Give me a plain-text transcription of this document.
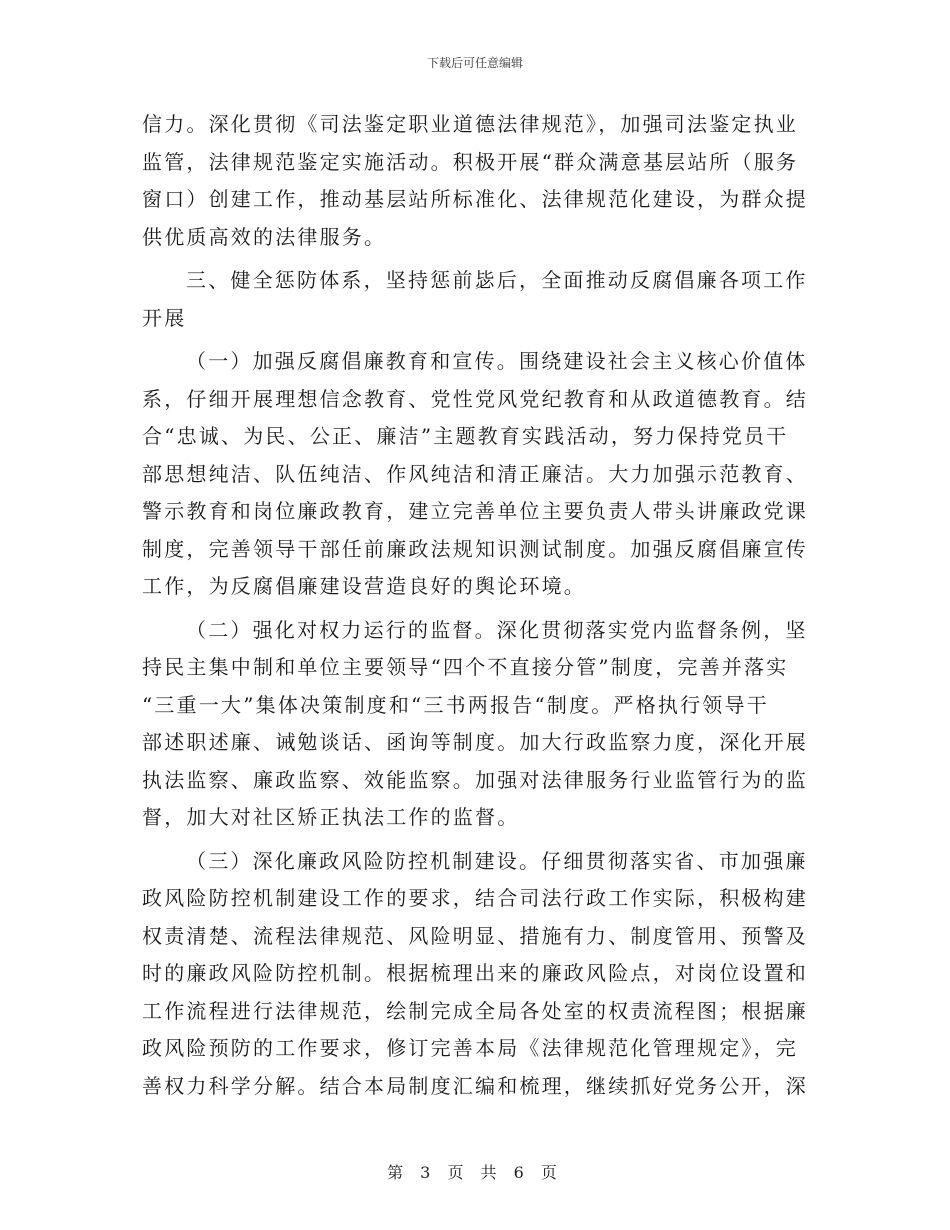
下载后可任意编辑
信力。深化贯彻《司法鉴定职业道德法律规范》，加强司法鉴定执业
监管，法律规范鉴定实施活动。积极开展“群众满意基层站所（服务
窗口）创建工作，推动基层站所标准化、法律规范化建设，为群众提
供优质高效的法律服务。
三、健全惩防体系，坚持惩前毖后，全面推动反腐倡廉各项工作
开展
（一）加强反腐倡廉教育和宣传。围绕建设社会主义核心价值体
系，仔细开展理想信念教育、党性党风党纪教育和从政道德教育。结
合“忠诚、为民、公正、廉洁”主题教育实践活动，努力保持党员干
部思想纯洁、队伍纯洁、作风纯洁和清正廉洁。大力加强示范教育、
警示教育和岗位廉政教育，建立完善单位主要负责人带头讲廉政党课
制度，完善领导干部任前廉政法规知识测试制度。加强反腐倡廉宣传
工作，为反腐倡廉建设营造良好的舆论环境。
（二）强化对权力运行的监督。深化贯彻落实党内监督条例，坚
持民主集中制和单位主要领导“四个不直接分管”制度，完善并落实
“三重一大”集体决策制度和“三书两报告“制度。严格执行领导干
部述职述廉、诫勉谈话、函询等制度。加大行政监察力度，深化开展
执法监察、廉政监察、效能监察。加强对法律服务行业监管行为的监
督，加大对社区矫正执法工作的监督。
（三）深化廉政风险防控机制建设。仔细贯彻落实省、市加强廉
政风险防控机制建设工作的要求，结合司法行政工作实际，积极构建
权责清楚、流程法律规范、风险明显、措施有力、制度管用、预警及
时的廉政风险防控机制。根据梳理出来的廉政风险点，对岗位设置和
工作流程进行法律规范，绘制完成全局各处室的权责流程图；根据廉
政风险预防的工作要求，修订完善本局《法律规范化管理规定》，完
善权力科学分解。结合本局制度汇编和梳理，继续抓好党务公开，深
第 3 页 共 6 页
